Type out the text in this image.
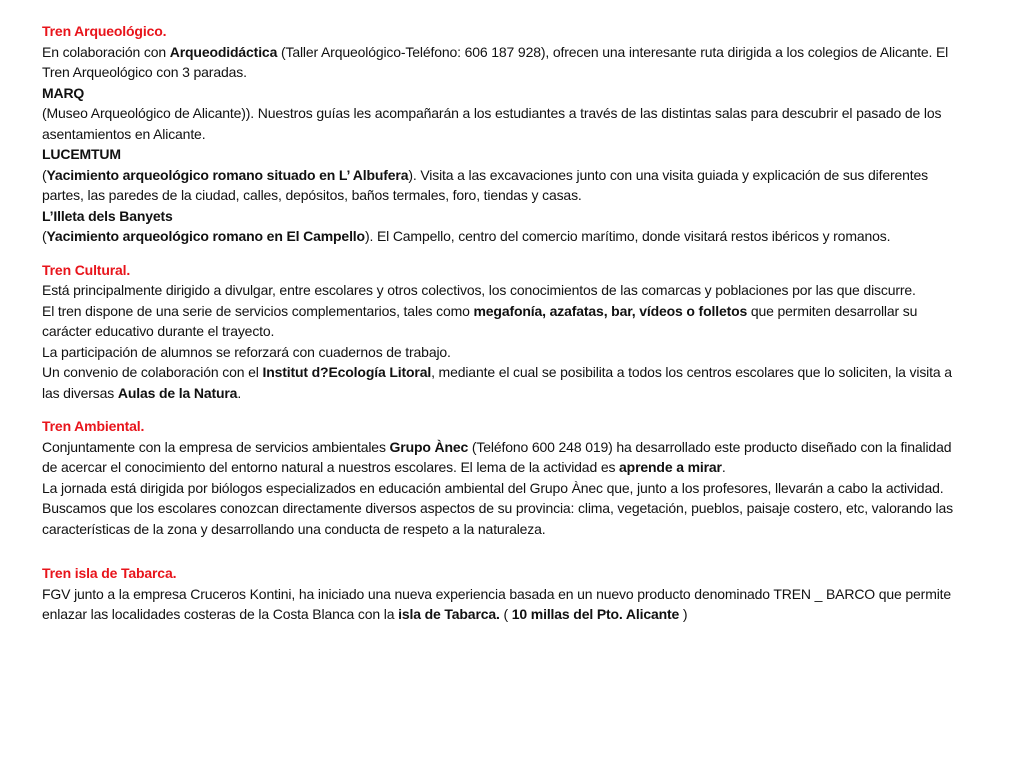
Tren Arqueológico.
En colaboración con Arqueodidáctica (Taller Arqueológico-Teléfono: 606 187 928), ofrecen una interesante ruta dirigida a los colegios de Alicante. El Tren Arqueológico con 3 paradas.
MARQ
(Museo Arqueológico de Alicante)). Nuestros guías les acompañarán a los estudiantes a través de las distintas salas para descubrir el pasado de los asentamientos en Alicante.
LUCEMTUM
(Yacimiento arqueológico romano situado en L’ Albufera). Visita a las excavaciones junto con una visita guiada y explicación de sus diferentes partes, las paredes de la ciudad, calles, depósitos, baños termales, foro, tiendas y casas.
L’Illeta dels Banyets
(Yacimiento arqueológico romano en El Campello). El Campello, centro del comercio marítimo, donde visitará restos ibéricos y romanos.
Tren Cultural.
Está principalmente dirigido a divulgar, entre escolares y otros colectivos, los conocimientos de las comarcas y poblaciones por las que discurre.
El tren dispone de una serie de servicios complementarios, tales como megafonía, azafatas, bar, vídeos o folletos que permiten desarrollar su carácter educativo durante el trayecto.
La participación de alumnos se reforzará con cuadernos de trabajo.
Un convenio de colaboración con el Institut d?Ecología Litoral, mediante el cual se posibilita a todos los centros escolares que lo soliciten, la visita a las diversas Aulas de la Natura.
Tren Ambiental.
Conjuntamente con la empresa de servicios ambientales Grupo Ànec (Teléfono 600 248 019) ha desarrollado este producto diseñado con la finalidad de acercar el conocimiento del entorno natural a nuestros escolares. El lema de la actividad es aprende a mirar.
La jornada está dirigida por biólogos especializados en educación ambiental del Grupo Ànec que, junto a los profesores, llevarán a cabo la actividad.
Buscamos que los escolares conozcan directamente diversos aspectos de su provincia: clima, vegetación, pueblos, paisaje costero, etc, valorando las características de la zona y desarrollando una conducta de respeto a la naturaleza.
Tren isla de Tabarca.
FGV junto a la empresa Cruceros Kontini, ha iniciado una nueva experiencia basada en un nuevo producto denominado TREN _ BARCO que permite enlazar las localidades costeras de la Costa Blanca con la isla de Tabarca. ( 10 millas del Pto. Alicante )
